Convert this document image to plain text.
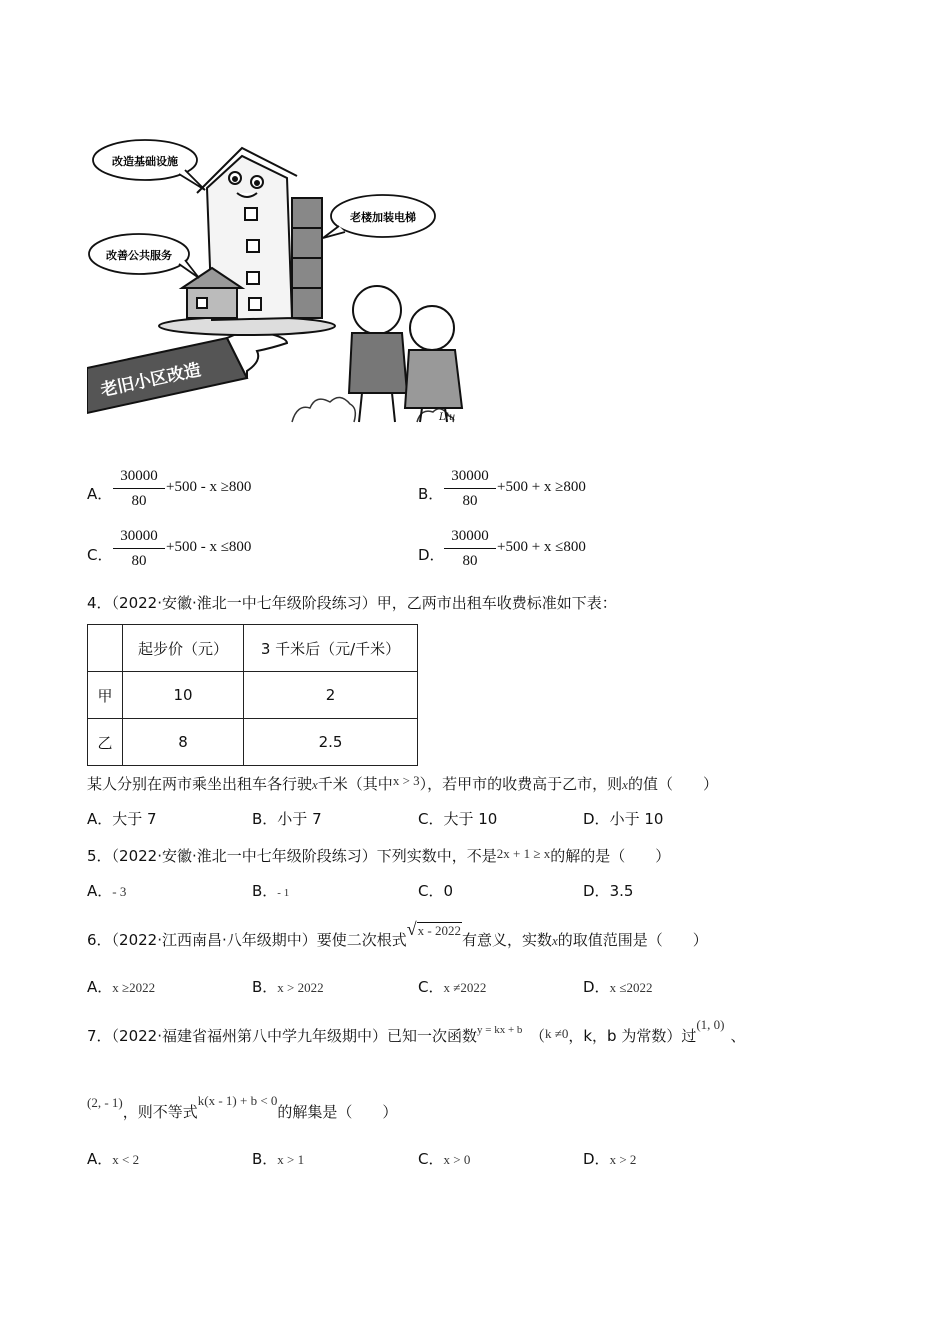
老旧小区改造
Liu
改造基础设施
老楼加装电梯
改善公共服务
A． $\frac{30000}{80} +500 - x \ge 800$	B． $\frac{30000}{80} +500 + x \ge 800$
C． $\frac{30000}{80} +500 - x \le 800$	D． $\frac{30000}{80} +500 + x \le 800$
4．（2022·安徽·淮北一中七年级阶段练习）甲，乙两市出租车收费标准如下表：
	起步价（元）	3 千米后（元/千米）
甲	10	2
乙	8	2.5
某人分别在两市乘坐出租车各行驶x千米（其中x > 3），若甲市的收费高于乙市，则x的值（　　）
A．大于 7	B．小于 7	C．大于 10	D．小于 10
5．（2022·安徽·淮北一中七年级阶段练习）下列实数中，不是2x + 1 ≥ x的解的是（　　）
A．- 3	B．- 1	C．0	D．3.5
6．（2022·江西南昌·八年级期中）要使二次根式√x - 2022有意义，实数x的取值范围是（　　）
A．x ≥2022	B．x > 2022	C．x ≠2022	D．x ≤2022
7．（2022·福建省福州第八中学九年级期中）已知一次函数$^{y = kx + b}$　 （k ≠0，k，b 为常数）过(1, 0)、
(2, - 1)，则不等式k(x - 1) + b < 0的解集是（　　）
A．x < 2	B．x > 1	C．x > 0	D．x > 2
